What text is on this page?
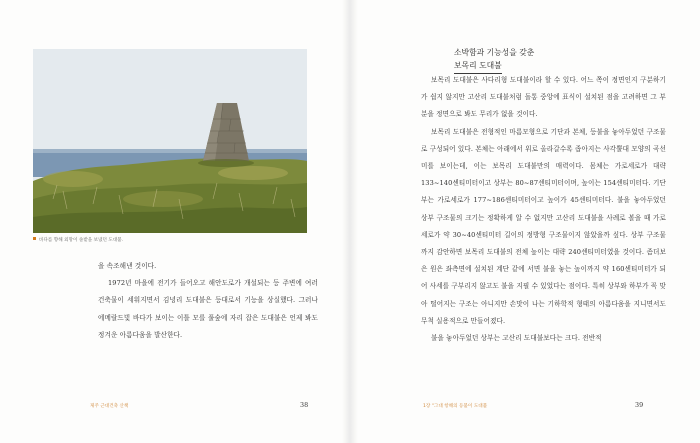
바다를 향해 외망이 솔밭을 보냈던 도대불.

을 속조해낸 것이다.

1972년 마을에 전기가 들어오고 해안도로가 개설되는 등 주변에 여러 건축물이 세워지면서 김녕리 도대불은 등대로서 기능을 상실했다. 그러나 에메랄드빛 바다가 보이는 이틀 모를 풀숲에 자리 잡은 도대불은 언제 봐도 정겨운 아름다움을 발산한다.

제주 근대건축 산책	38
소박함과 기능성을 갖춘
보목리 도대불

보목리 도대불은 사다리형 도대불이라 할 수 있다. 어느 쪽이 정면인지 구분하기가 쉽지 않지만 고산리 도대불처럼 돌통 중앙에 표식이 설치된 점을 고려하면 그 부분을 정면으로 봐도 무리가 없을 것이다.

보목리 도대불은 전형적인 마름모형으로 기단과 본체, 등불을 놓아두었던 구조물로 구성되어 있다. 본체는 아래에서 위로 올라갈수록 좁아지는 사각뿔대 모양의 곡선미를 보이는데, 이는 보목리 도대불만의 매력이다. 몸체는 가로세로가 대략 133~140센티미터이고 상부는 80~87센티미터이며, 높이는 154센티미터다. 기단부는 가로세로가 177~186센티미터이고 높이가 45센티미터다. 불을 놓아두었던 상부 구조물의 크기는 정확하게 알 수 없지만 고산리 도대불을 사례로 볼을 때 가로세로가 약 30~40센티미터 길이의 정방형 구조물이지 않았을까 싶다. 상부 구조물까지 감안하면 보목리 도대불의 전체 높이는 대략 240센티미터였을 것이다. 좀더보은 원은 좌측면에 설치된 계단 같에 서면 불을 놓는 높이까지 약 160센티미터가 되어 사세를 구부리지 않고도 불을 지필 수 있었다는 점이다. 특히 상부와 하부가 꼭 맞아 떨어지는 구조는 아니지만 손맛이 나는 기하학적 형태의 아름다움을 지니면서도 무척 실용적으로 만들어졌다.

불을 놓아두었던 상부는 고산리 도대불보다는 크다. 전반적

1장 "그대 항해의 등불이 도대불	39
